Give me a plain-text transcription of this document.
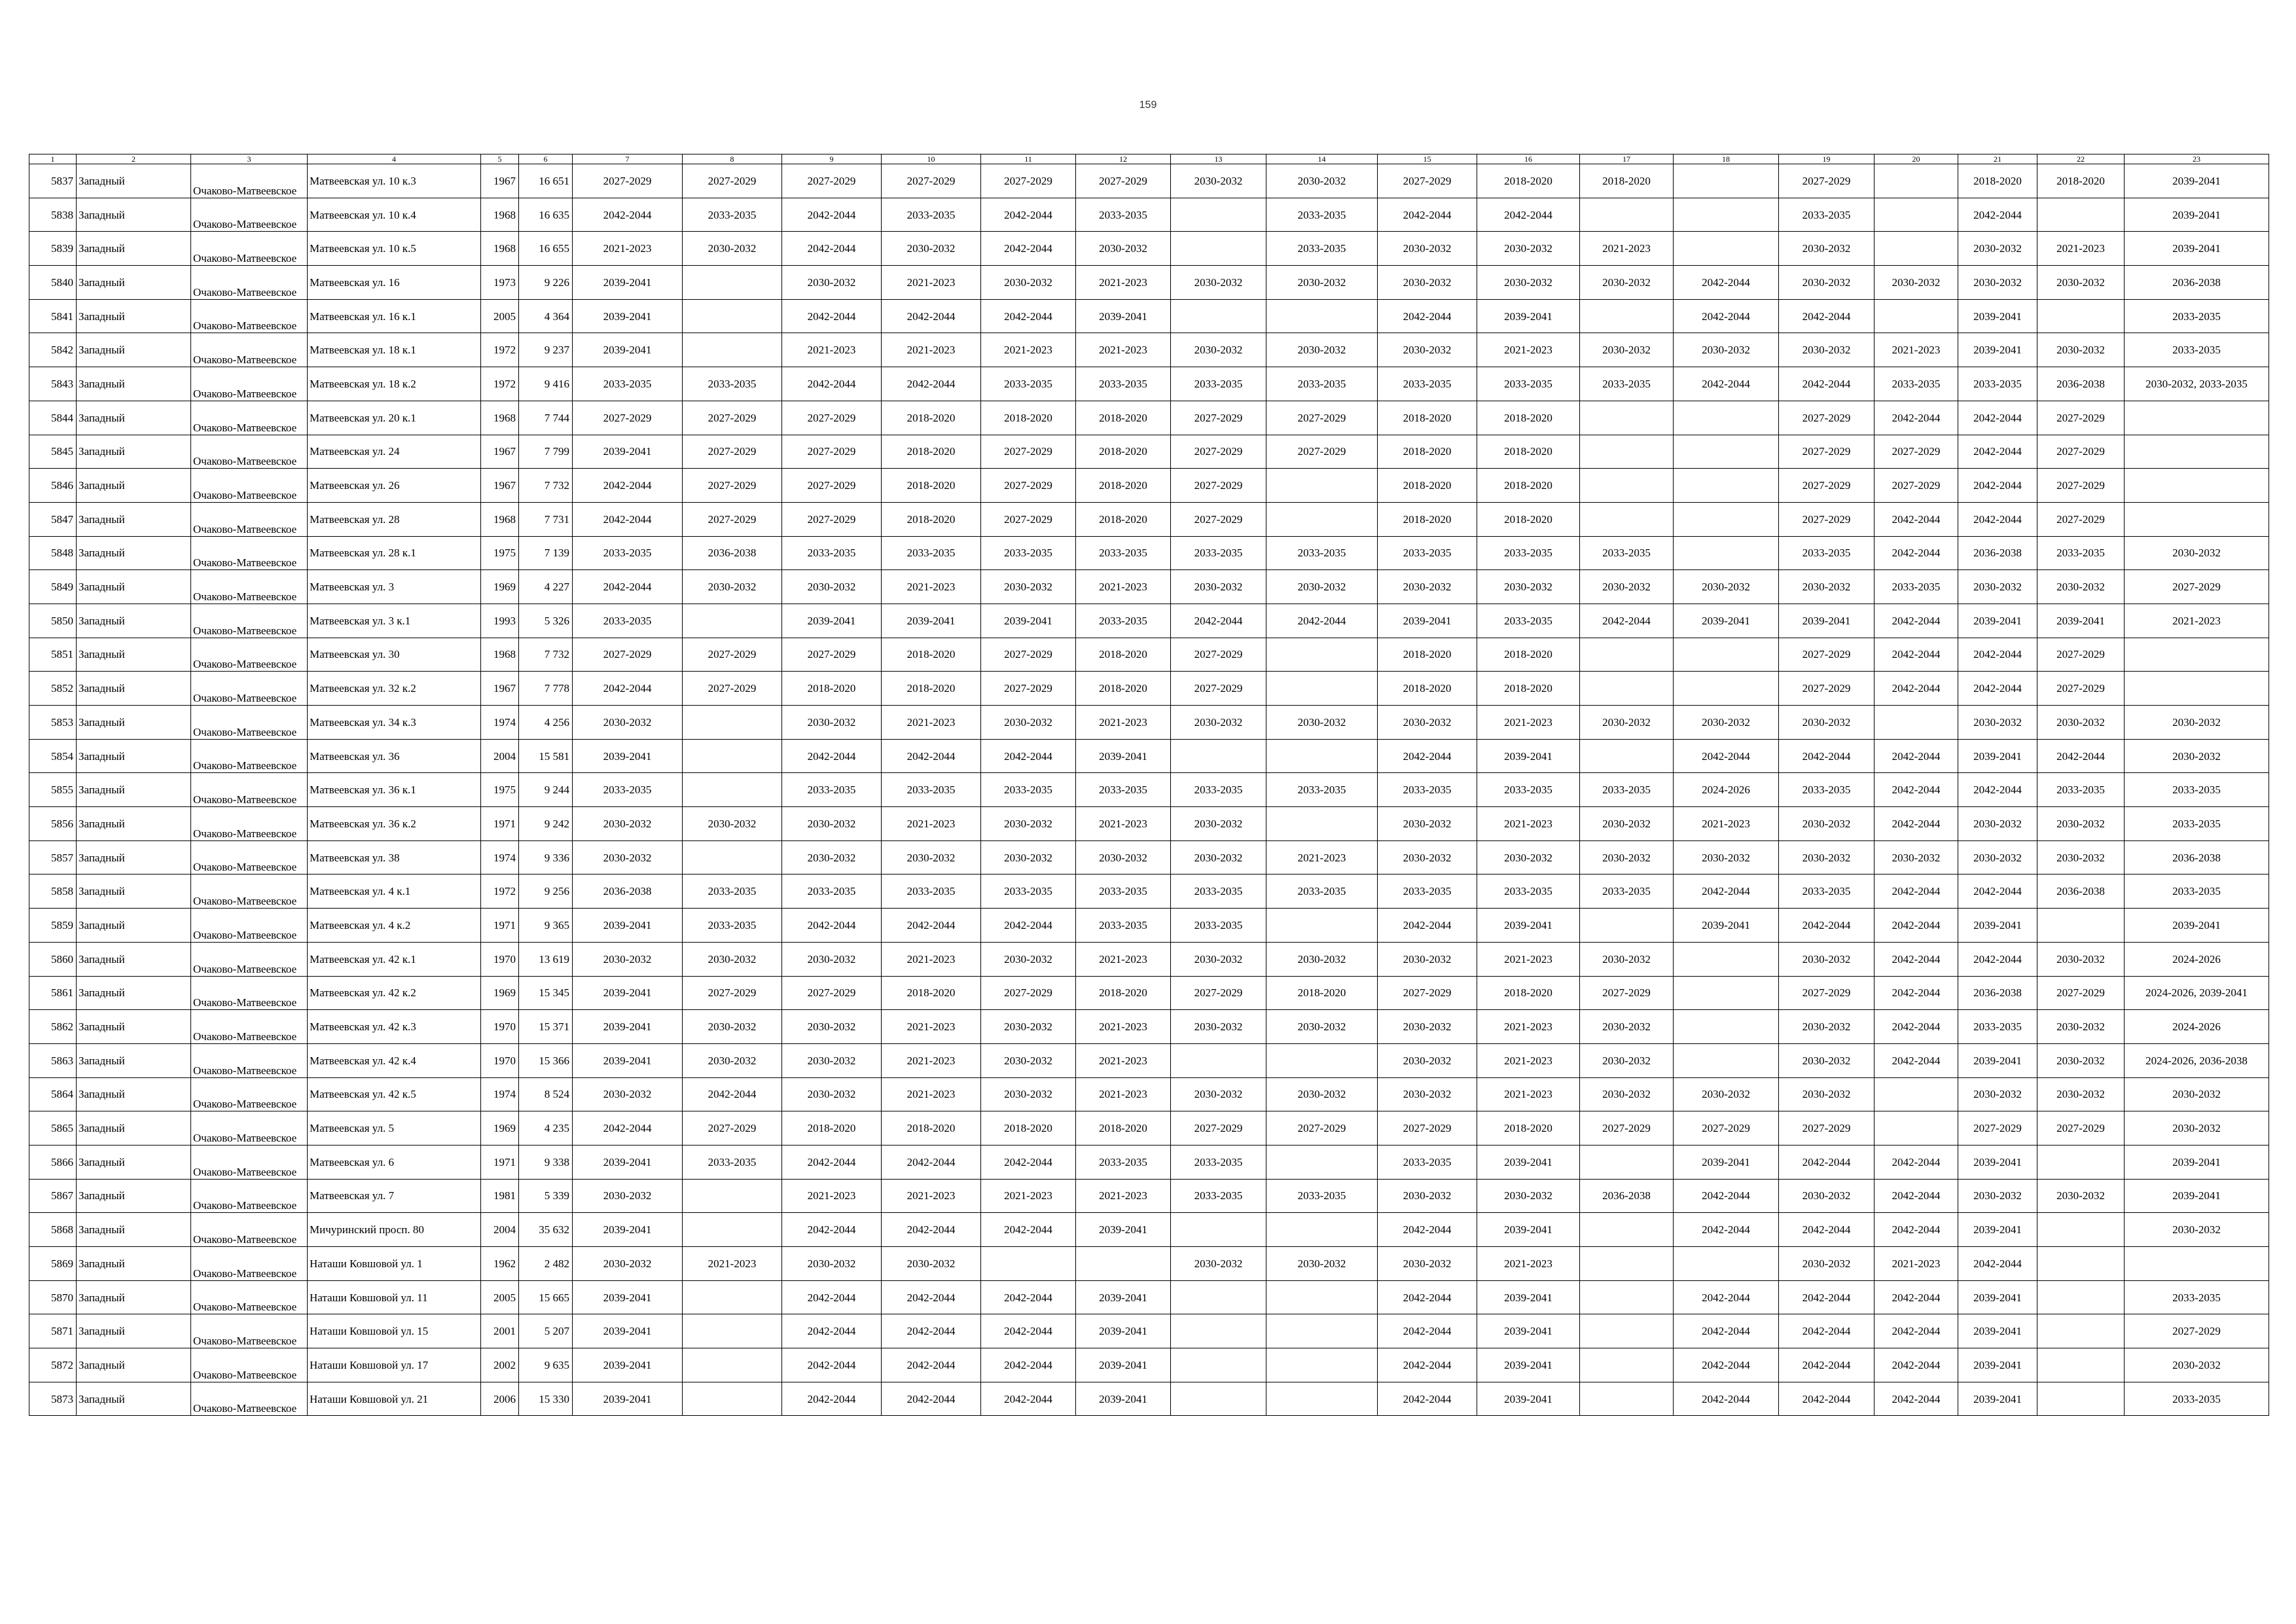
159
1	2	3	4	5	6	7	8	9	10	11	12	13	14	15	16	17	18	19	20	21	22	23
5837	Западный	Очаково-Матвеевское	Матвеевская ул. 10 к.3	1967	16 651	2027-2029	2027-2029	2027-2029	2027-2029	2027-2029	2027-2029	2030-2032	2030-2032	2027-2029	2018-2020	2018-2020		2027-2029		2018-2020	2018-2020	2039-2041
5838	Западный	Очаково-Матвеевское	Матвеевская ул. 10 к.4	1968	16 635	2042-2044	2033-2035	2042-2044	2033-2035	2042-2044	2033-2035		2033-2035	2042-2044	2042-2044			2033-2035		2042-2044		2039-2041
5839	Западный	Очаково-Матвеевское	Матвеевская ул. 10 к.5	1968	16 655	2021-2023	2030-2032	2042-2044	2030-2032	2042-2044	2030-2032		2033-2035	2030-2032	2030-2032	2021-2023		2030-2032		2030-2032	2021-2023	2039-2041
5840	Западный	Очаково-Матвеевское	Матвеевская ул. 16	1973	9 226	2039-2041		2030-2032	2021-2023	2030-2032	2021-2023	2030-2032	2030-2032	2030-2032	2030-2032	2030-2032	2042-2044	2030-2032	2030-2032	2030-2032	2030-2032	2036-2038
5841	Западный	Очаково-Матвеевское	Матвеевская ул. 16 к.1	2005	4 364	2039-2041		2042-2044	2042-2044	2042-2044	2039-2041			2042-2044	2039-2041		2042-2044	2042-2044		2039-2041		2033-2035
5842	Западный	Очаково-Матвеевское	Матвеевская ул. 18 к.1	1972	9 237	2039-2041		2021-2023	2021-2023	2021-2023	2021-2023	2030-2032	2030-2032	2030-2032	2021-2023	2030-2032	2030-2032	2030-2032	2021-2023	2039-2041	2030-2032	2033-2035
5843	Западный	Очаково-Матвеевское	Матвеевская ул. 18 к.2	1972	9 416	2033-2035	2033-2035	2042-2044	2042-2044	2033-2035	2033-2035	2033-2035	2033-2035	2033-2035	2033-2035	2033-2035	2042-2044	2042-2044	2033-2035	2033-2035	2036-2038	2030-2032, 2033-2035
5844	Западный	Очаково-Матвеевское	Матвеевская ул. 20 к.1	1968	7 744	2027-2029	2027-2029	2027-2029	2018-2020	2018-2020	2018-2020	2027-2029	2027-2029	2018-2020	2018-2020			2027-2029	2042-2044	2042-2044	2027-2029	
5845	Западный	Очаково-Матвеевское	Матвеевская ул. 24	1967	7 799	2039-2041	2027-2029	2027-2029	2018-2020	2027-2029	2018-2020	2027-2029	2027-2029	2018-2020	2018-2020			2027-2029	2027-2029	2042-2044	2027-2029	
5846	Западный	Очаково-Матвеевское	Матвеевская ул. 26	1967	7 732	2042-2044	2027-2029	2027-2029	2018-2020	2027-2029	2018-2020	2027-2029		2018-2020	2018-2020			2027-2029	2027-2029	2042-2044	2027-2029	
5847	Западный	Очаково-Матвеевское	Матвеевская ул. 28	1968	7 731	2042-2044	2027-2029	2027-2029	2018-2020	2027-2029	2018-2020	2027-2029		2018-2020	2018-2020			2027-2029	2042-2044	2042-2044	2027-2029	
5848	Западный	Очаково-Матвеевское	Матвеевская ул. 28 к.1	1975	7 139	2033-2035	2036-2038	2033-2035	2033-2035	2033-2035	2033-2035	2033-2035	2033-2035	2033-2035	2033-2035	2033-2035		2033-2035	2042-2044	2036-2038	2033-2035	2030-2032
5849	Западный	Очаково-Матвеевское	Матвеевская ул. 3	1969	4 227	2042-2044	2030-2032	2030-2032	2021-2023	2030-2032	2021-2023	2030-2032	2030-2032	2030-2032	2030-2032	2030-2032	2030-2032	2030-2032	2033-2035	2030-2032	2030-2032	2027-2029
5850	Западный	Очаково-Матвеевское	Матвеевская ул. 3 к.1	1993	5 326	2033-2035		2039-2041	2039-2041	2039-2041	2033-2035	2042-2044	2042-2044	2039-2041	2033-2035	2042-2044	2039-2041	2039-2041	2042-2044	2039-2041	2039-2041	2021-2023
5851	Западный	Очаково-Матвеевское	Матвеевская ул. 30	1968	7 732	2027-2029	2027-2029	2027-2029	2018-2020	2027-2029	2018-2020	2027-2029		2018-2020	2018-2020			2027-2029	2042-2044	2042-2044	2027-2029	
5852	Западный	Очаково-Матвеевское	Матвеевская ул. 32 к.2	1967	7 778	2042-2044	2027-2029	2018-2020	2018-2020	2027-2029	2018-2020	2027-2029		2018-2020	2018-2020			2027-2029	2042-2044	2042-2044	2027-2029	
5853	Западный	Очаково-Матвеевское	Матвеевская ул. 34 к.3	1974	4 256	2030-2032		2030-2032	2021-2023	2030-2032	2021-2023	2030-2032	2030-2032	2030-2032	2021-2023	2030-2032	2030-2032	2030-2032		2030-2032	2030-2032	2030-2032
5854	Западный	Очаково-Матвеевское	Матвеевская ул. 36	2004	15 581	2039-2041		2042-2044	2042-2044	2042-2044	2039-2041			2042-2044	2039-2041		2042-2044	2042-2044	2042-2044	2039-2041	2042-2044	2030-2032
5855	Западный	Очаково-Матвеевское	Матвеевская ул. 36 к.1	1975	9 244	2033-2035		2033-2035	2033-2035	2033-2035	2033-2035	2033-2035	2033-2035	2033-2035	2033-2035	2033-2035	2024-2026	2033-2035	2042-2044	2042-2044	2033-2035	2033-2035
5856	Западный	Очаково-Матвеевское	Матвеевская ул. 36 к.2	1971	9 242	2030-2032	2030-2032	2030-2032	2021-2023	2030-2032	2021-2023	2030-2032		2030-2032	2021-2023	2030-2032	2021-2023	2030-2032	2042-2044	2030-2032	2030-2032	2033-2035
5857	Западный	Очаково-Матвеевское	Матвеевская ул. 38	1974	9 336	2030-2032		2030-2032	2030-2032	2030-2032	2030-2032	2030-2032	2021-2023	2030-2032	2030-2032	2030-2032	2030-2032	2030-2032	2030-2032	2030-2032	2030-2032	2036-2038
5858	Западный	Очаково-Матвеевское	Матвеевская ул. 4 к.1	1972	9 256	2036-2038	2033-2035	2033-2035	2033-2035	2033-2035	2033-2035	2033-2035	2033-2035	2033-2035	2033-2035	2033-2035	2042-2044	2033-2035	2042-2044	2042-2044	2036-2038	2033-2035
5859	Западный	Очаково-Матвеевское	Матвеевская ул. 4 к.2	1971	9 365	2039-2041	2033-2035	2042-2044	2042-2044	2042-2044	2033-2035	2033-2035		2042-2044	2039-2041		2039-2041	2042-2044	2042-2044	2039-2041		2039-2041
5860	Западный	Очаково-Матвеевское	Матвеевская ул. 42 к.1	1970	13 619	2030-2032	2030-2032	2030-2032	2021-2023	2030-2032	2021-2023	2030-2032	2030-2032	2030-2032	2021-2023	2030-2032		2030-2032	2042-2044	2042-2044	2030-2032	2024-2026
5861	Западный	Очаково-Матвеевское	Матвеевская ул. 42 к.2	1969	15 345	2039-2041	2027-2029	2027-2029	2018-2020	2027-2029	2018-2020	2027-2029	2018-2020	2027-2029	2018-2020	2027-2029		2027-2029	2042-2044	2036-2038	2027-2029	2024-2026, 2039-2041
5862	Западный	Очаково-Матвеевское	Матвеевская ул. 42 к.3	1970	15 371	2039-2041	2030-2032	2030-2032	2021-2023	2030-2032	2021-2023	2030-2032	2030-2032	2030-2032	2021-2023	2030-2032		2030-2032	2042-2044	2033-2035	2030-2032	2024-2026
5863	Западный	Очаково-Матвеевское	Матвеевская ул. 42 к.4	1970	15 366	2039-2041	2030-2032	2030-2032	2021-2023	2030-2032	2021-2023			2030-2032	2021-2023	2030-2032		2030-2032	2042-2044	2039-2041	2030-2032	2024-2026, 2036-2038
5864	Западный	Очаково-Матвеевское	Матвеевская ул. 42 к.5	1974	8 524	2030-2032	2042-2044	2030-2032	2021-2023	2030-2032	2021-2023	2030-2032	2030-2032	2030-2032	2021-2023	2030-2032	2030-2032	2030-2032		2030-2032	2030-2032	2030-2032
5865	Западный	Очаково-Матвеевское	Матвеевская ул. 5	1969	4 235	2042-2044	2027-2029	2018-2020	2018-2020	2018-2020	2018-2020	2027-2029	2027-2029	2027-2029	2018-2020	2027-2029	2027-2029	2027-2029		2027-2029	2027-2029	2030-2032
5866	Западный	Очаково-Матвеевское	Матвеевская ул. 6	1971	9 338	2039-2041	2033-2035	2042-2044	2042-2044	2042-2044	2033-2035	2033-2035		2033-2035	2039-2041		2039-2041	2042-2044	2042-2044	2039-2041		2039-2041
5867	Западный	Очаково-Матвеевское	Матвеевская ул. 7	1981	5 339	2030-2032		2021-2023	2021-2023	2021-2023	2021-2023	2033-2035	2033-2035	2030-2032	2030-2032	2036-2038	2042-2044	2030-2032	2042-2044	2030-2032	2030-2032	2039-2041
5868	Западный	Очаково-Матвеевское	Мичуринский просп. 80	2004	35 632	2039-2041		2042-2044	2042-2044	2042-2044	2039-2041			2042-2044	2039-2041		2042-2044	2042-2044	2042-2044	2039-2041		2030-2032
5869	Западный	Очаково-Матвеевское	Наташи Ковшовой ул. 1	1962	2 482	2030-2032	2021-2023	2030-2032	2030-2032			2030-2032	2030-2032	2030-2032	2021-2023			2030-2032	2021-2023	2042-2044		
5870	Западный	Очаково-Матвеевское	Наташи Ковшовой ул. 11	2005	15 665	2039-2041		2042-2044	2042-2044	2042-2044	2039-2041			2042-2044	2039-2041		2042-2044	2042-2044	2042-2044	2039-2041		2033-2035
5871	Западный	Очаково-Матвеевское	Наташи Ковшовой ул. 15	2001	5 207	2039-2041		2042-2044	2042-2044	2042-2044	2039-2041			2042-2044	2039-2041		2042-2044	2042-2044	2042-2044	2039-2041		2027-2029
5872	Западный	Очаково-Матвеевское	Наташи Ковшовой ул. 17	2002	9 635	2039-2041		2042-2044	2042-2044	2042-2044	2039-2041			2042-2044	2039-2041		2042-2044	2042-2044	2042-2044	2039-2041		2030-2032
5873	Западный	Очаково-Матвеевское	Наташи Ковшовой ул. 21	2006	15 330	2039-2041		2042-2044	2042-2044	2042-2044	2039-2041			2042-2044	2039-2041		2042-2044	2042-2044	2042-2044	2039-2041		2033-2035
